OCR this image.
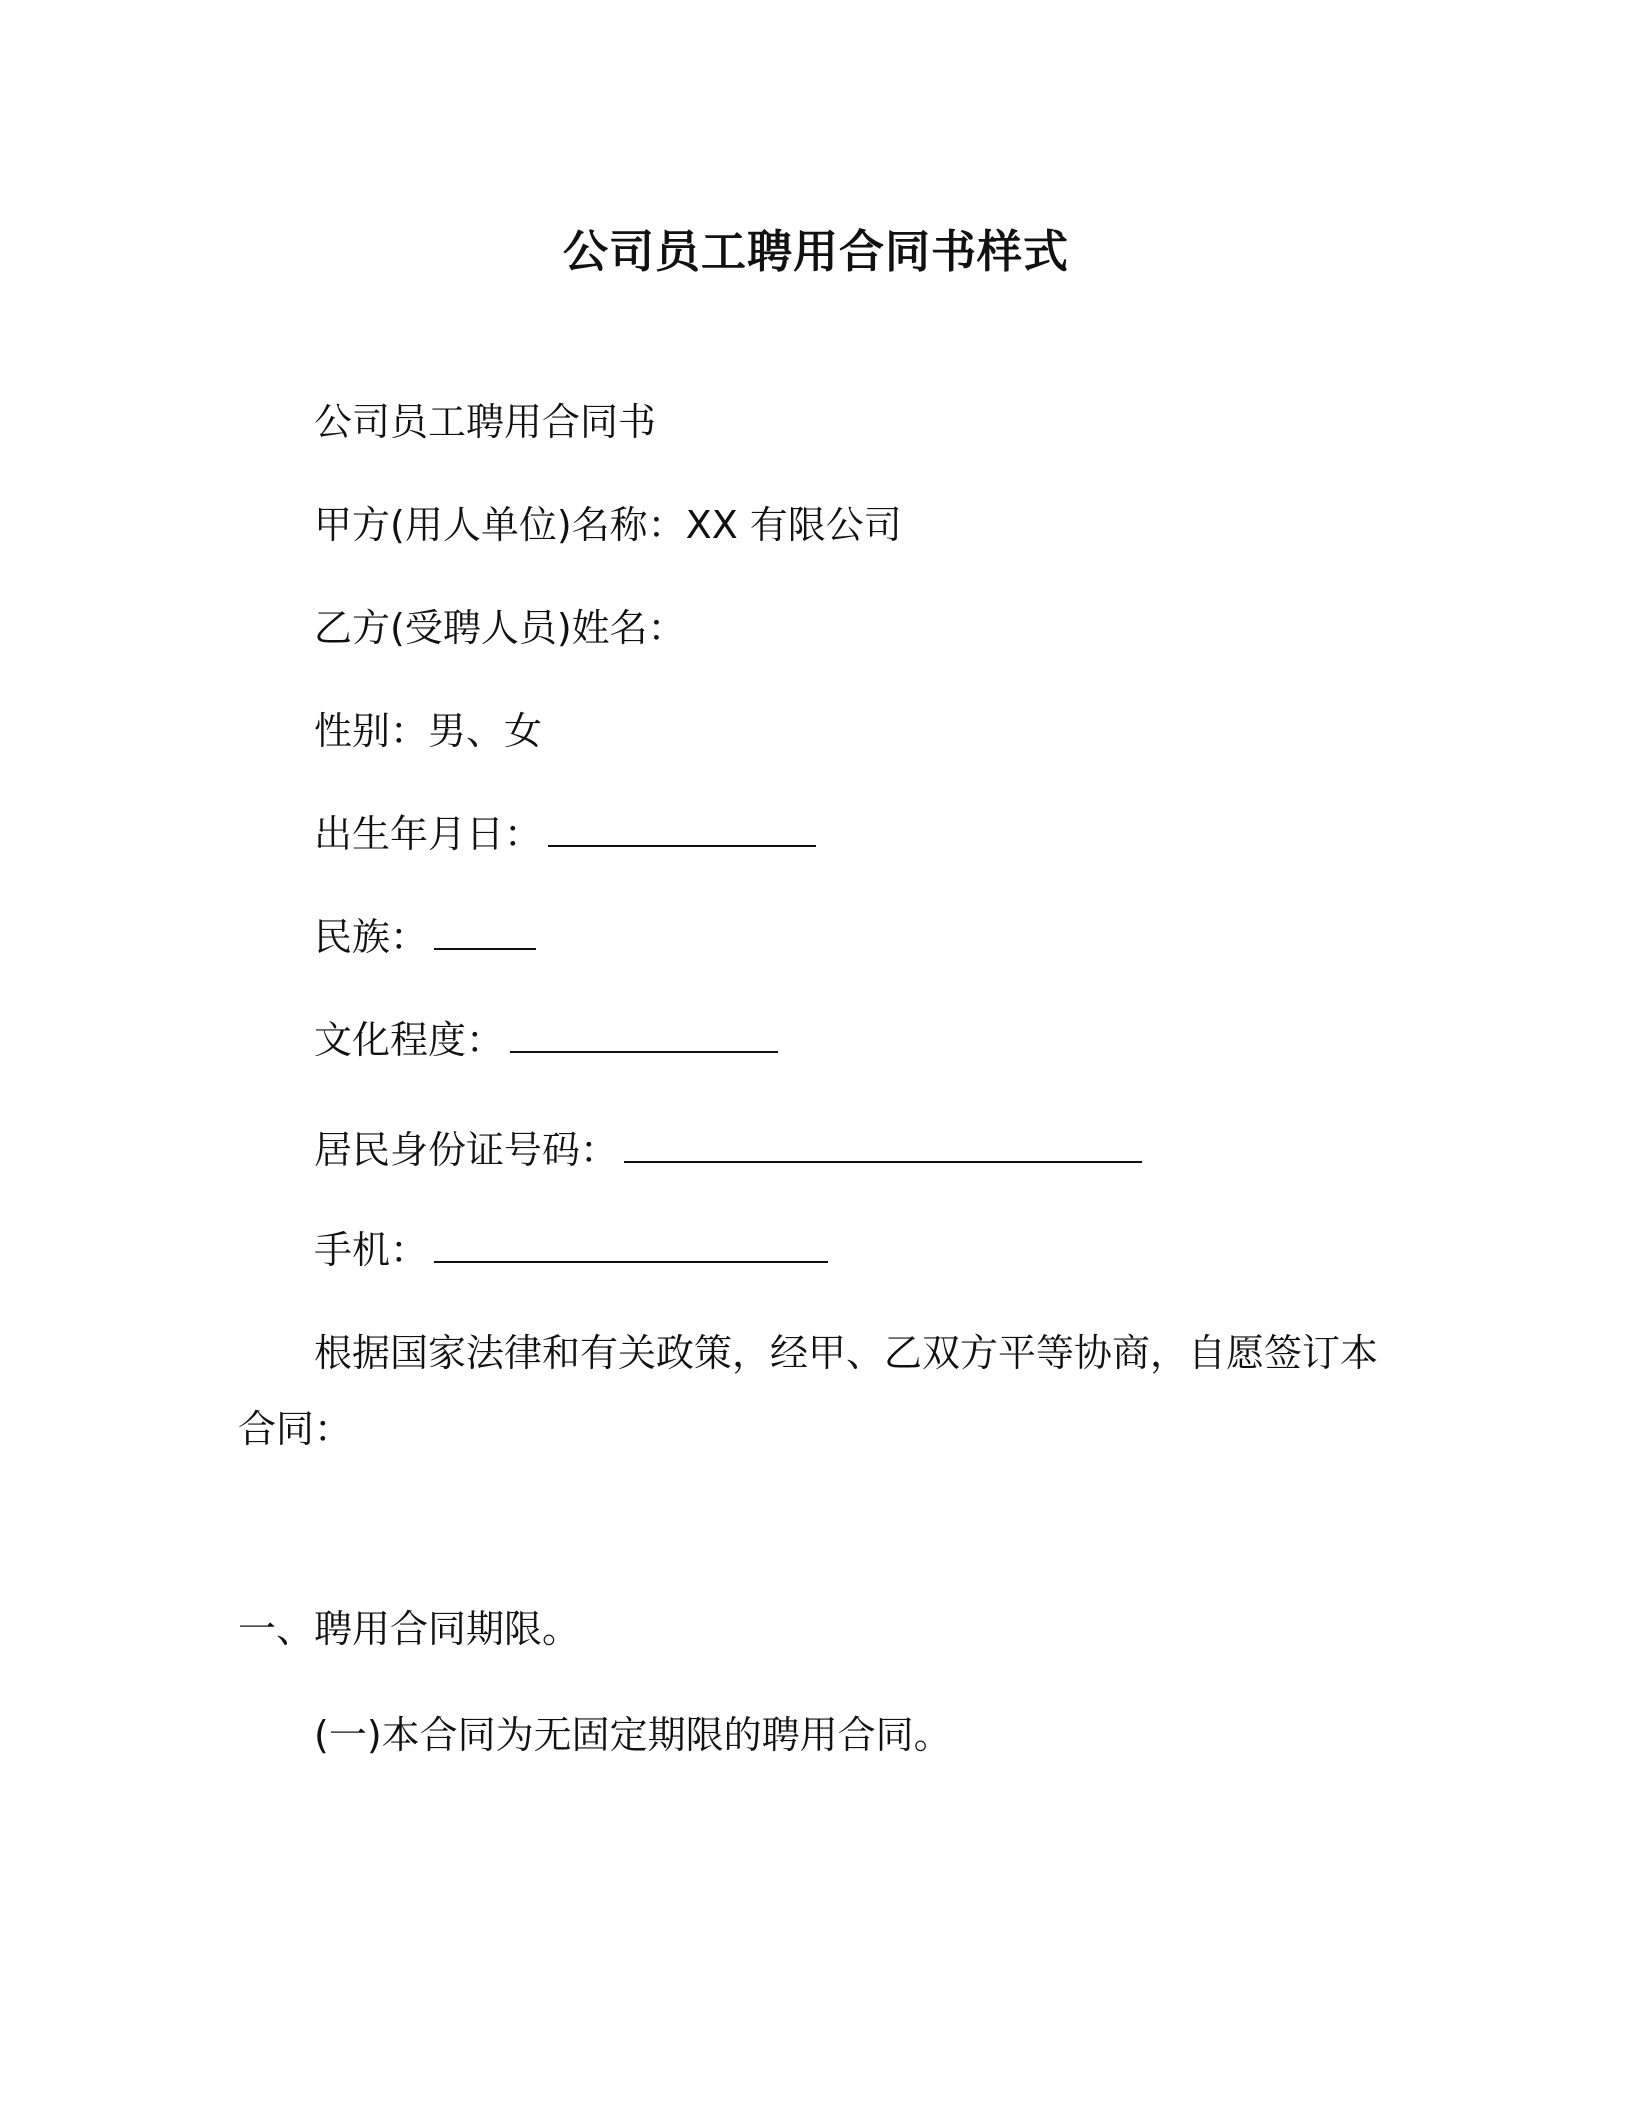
公司员工聘用合同书样式
公司员工聘用合同书
甲方(用人单位)名称：XX 有限公司
乙方(受聘人员)姓名：
性别：男、女
出生年月日：
民族：
文化程度：
居民身份证号码：
手机：
根据国家法律和有关政策，经甲、乙双方平等协商，自愿签订本
合同：
一、聘用合同期限。
(一)本合同为无固定期限的聘用合同。
